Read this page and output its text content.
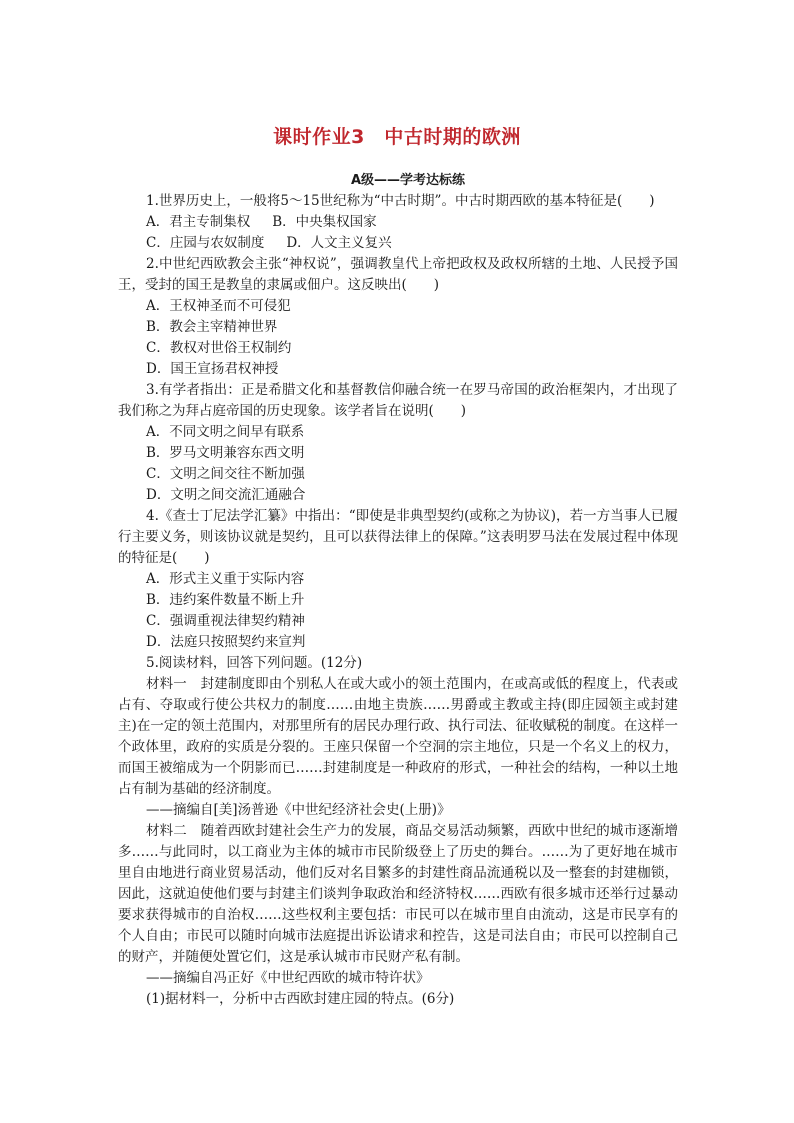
课时作业3　中古时期的欧洲
A级——学考达标练

1.世界历史上，一般将5～15世纪称为“中古时期”。中古时期西欧的基本特征是(　　)

A．君主专制集权 B．中央集权国家

C．庄园与农奴制度 D．人文主义复兴

2.中世纪西欧教会主张“神权说”，强调教皇代上帝把政权及政权所辖的土地、人民授予国王，受封的国王是教皇的隶属或佃户。这反映出(　　)

A．王权神圣而不可侵犯

B．教会主宰精神世界

C．教权对世俗王权制约

D．国王宣扬君权神授

3.有学者指出：正是希腊文化和基督教信仰融合统一在罗马帝国的政治框架内，才出现了我们称之为拜占庭帝国的历史现象。该学者旨在说明(　　)

A．不同文明之间早有联系

B．罗马文明兼容东西文明

C．文明之间交往不断加强

D．文明之间交流汇通融合

4.《查士丁尼法学汇纂》中指出：“即使是非典型契约(或称之为协议)，若一方当事人已履行主要义务，则该协议就是契约，且可以获得法律上的保障。”这表明罗马法在发展过程中体现的特征是(　　)

A．形式主义重于实际内容

B．违约案件数量不断上升

C．强调重视法律契约精神

D．法庭只按照契约来宣判

5.阅读材料，回答下列问题。(12分)

材料一　封建制度即由个别私人在或大或小的领土范围内，在或高或低的程度上，代表或占有、夺取或行使公共权力的制度……由地主贵族……男爵或主教或主持(即庄园领主或封建主)在一定的领土范围内，对那里所有的居民办理行政、执行司法、征收赋税的制度。在这样一个政体里，政府的实质是分裂的。王座只保留一个空洞的宗主地位，只是一个名义上的权力，而国王被缩成为一个阴影而已……封建制度是一种政府的形式，一种社会的结构，一种以土地占有制为基础的经济制度。

——摘编自[美]汤普逊《中世纪经济社会史(上册)》

材料二　随着西欧封建社会生产力的发展，商品交易活动频繁，西欧中世纪的城市逐渐增多……与此同时，以工商业为主体的城市市民阶级登上了历史的舞台。……为了更好地在城市里自由地进行商业贸易活动，他们反对名目繁多的封建性商品流通税以及一整套的封建枷锁，因此，这就迫使他们要与封建主们谈判争取政治和经济特权……西欧有很多城市还举行过暴动要求获得城市的自治权……这些权利主要包括：市民可以在城市里自由流动，这是市民享有的个人自由；市民可以随时向城市法庭提出诉讼请求和控告，这是司法自由；市民可以控制自己的财产，并随便处置它们，这是承认城市市民财产私有制。

——摘编自冯正好《中世纪西欧的城市特许状》

(1)据材料一，分析中古西欧封建庄园的特点。(6分)
